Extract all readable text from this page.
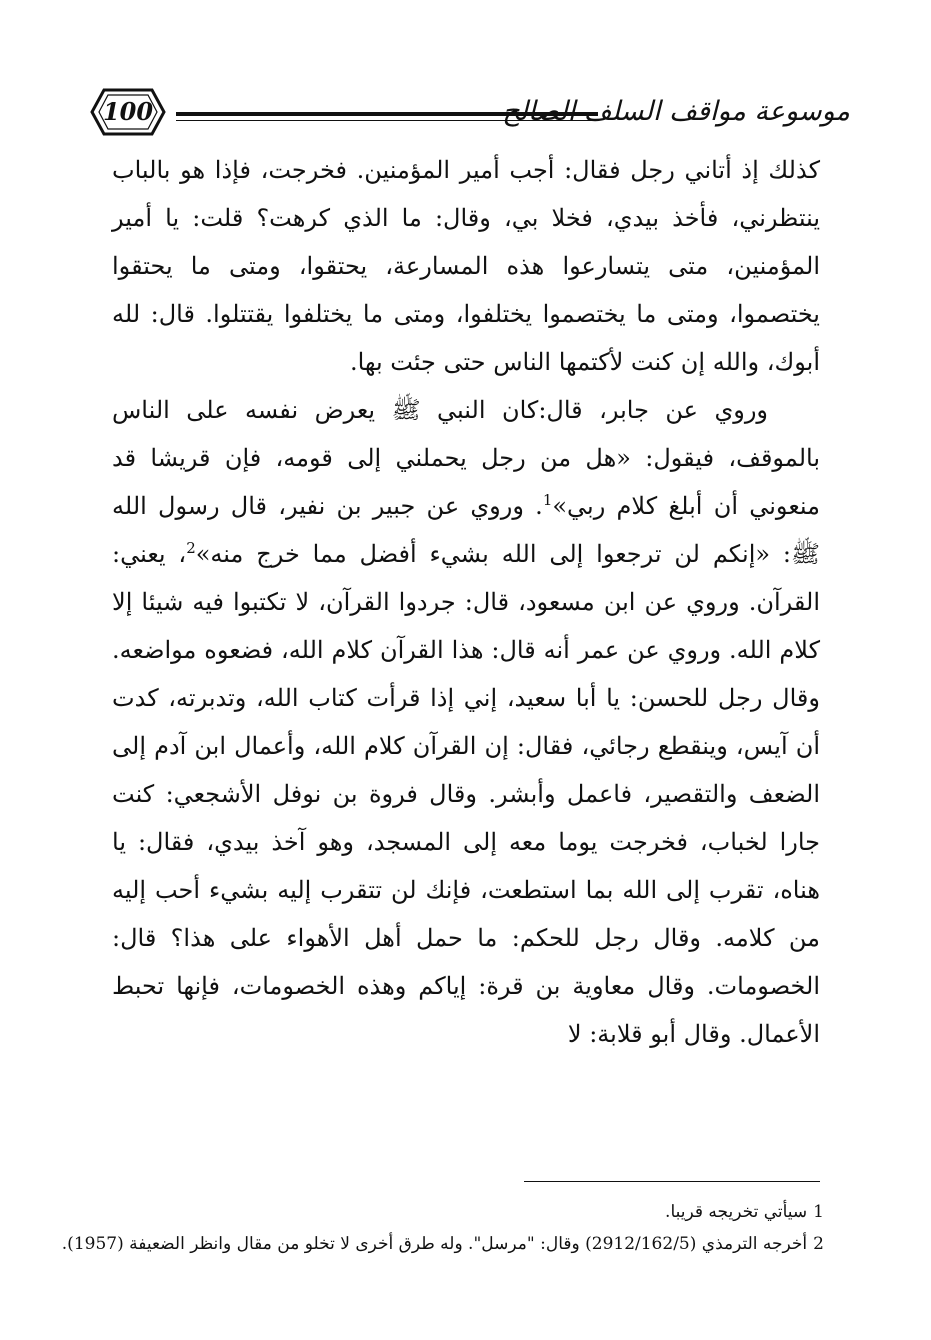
موسوعة مواقف السلف الصالح
100

كذلك إذ أتاني رجل فقال: أجب أمير المؤمنين. فخرجت، فإذا هو بالباب ينتظرني، فأخذ بيدي، فخلا بي، وقال: ما الذي كرهت؟ قلت: يا أمير المؤمنين، متى يتسارعوا هذه المسارعة، يحتقوا، ومتى ما يحتقوا يختصموا، ومتى ما يختصموا يختلفوا، ومتى ما يختلفوا يقتتلوا. قال: لله أبوك، والله إن كنت لأكتمها الناس حتى جئت بها.

وروي عن جابر، قال:كان النبي ﷺ يعرض نفسه على الناس بالموقف، فيقول: «هل من رجل يحملني إلى قومه، فإن قريشا قد منعوني أن أبلغ كلام ربي»$^1$. وروي عن جبير بن نفير، قال رسول الله ﷺ: «إنكم لن ترجعوا إلى الله بشيء أفضل مما خرج منه»$^2$، يعني: القرآن. وروي عن ابن مسعود، قال: جردوا القرآن، لا تكتبوا فيه شيئا إلا كلام الله. وروي عن عمر أنه قال: هذا القرآن كلام الله، فضعوه مواضعه. وقال رجل للحسن: يا أبا سعيد، إني إذا قرأت كتاب الله، وتدبرته، كدت أن آيس، وينقطع رجائي، فقال: إن القرآن كلام الله، وأعمال ابن آدم إلى الضعف والتقصير، فاعمل وأبشر. وقال فروة بن نوفل الأشجعي: كنت جارا لخباب، فخرجت يوما معه إلى المسجد، وهو آخذ بيدي، فقال: يا هناه، تقرب إلى الله بما استطعت، فإنك لن تتقرب إليه بشيء أحب إليه من كلامه. وقال رجل للحكم: ما حمل أهل الأهواء على هذا؟ قال: الخصومات. وقال معاوية بن قرة: إياكم وهذه الخصومات، فإنها تحبط الأعمال. وقال أبو قلابة: لا

1سيأتي تخريجه قريبا.
2أخرجه الترمذي (2912/162/5) وقال: "مرسل". وله طرق أخرى لا تخلو من مقال وانظر الضعيفة (1957).
